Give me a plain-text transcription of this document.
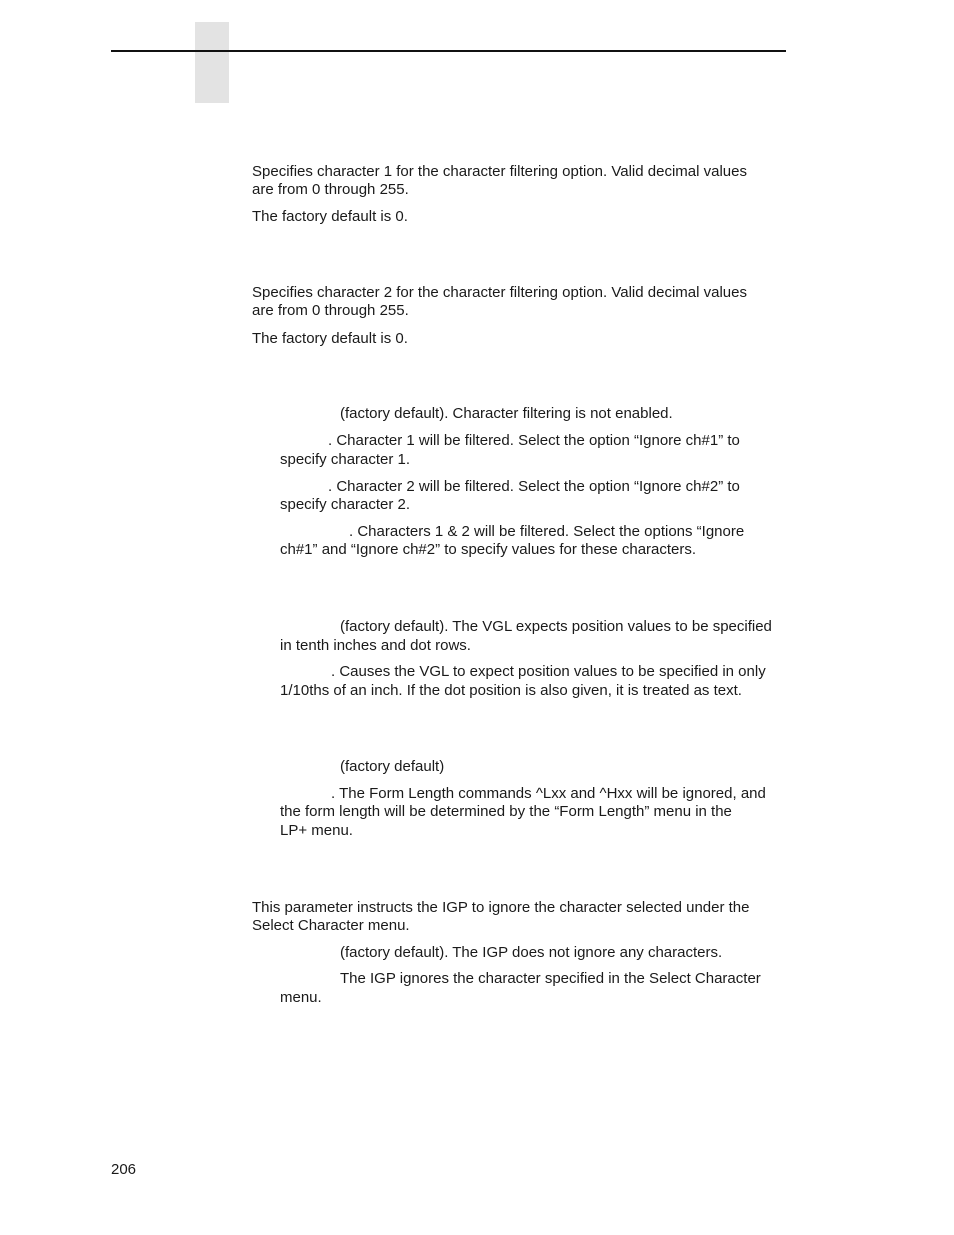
Specifies character 1 for the character filtering option. Valid decimal values

are from 0 through 255.

The factory default is 0.

Specifies character 2 for the character filtering option. Valid decimal values

are from 0 through 255.

The factory default is 0.

(factory default). Character filtering is not enabled.

. Character 1 will be filtered. Select the option “Ignore ch#1” to

specify character 1.

. Character 2 will be filtered. Select the option “Ignore ch#2” to

specify character 2.

. Characters 1 & 2 will be filtered. Select the options “Ignore

ch#1” and “Ignore ch#2” to specify values for these characters.

(factory default). The VGL expects position values to be specified

in tenth inches and dot rows.

. Causes the VGL to expect position values to be specified in only

1/10ths of an inch. If the dot position is also given, it is treated as text.

(factory default)

. The Form Length commands ^Lxx and ^Hxx will be ignored, and

the form length will be determined by the “Form Length” menu in the

LP+ menu.

This parameter instructs the IGP to ignore the character selected under the

Select Character menu.

(factory default). The IGP does not ignore any characters.

The IGP ignores the character specified in the Select Character

menu.

206
